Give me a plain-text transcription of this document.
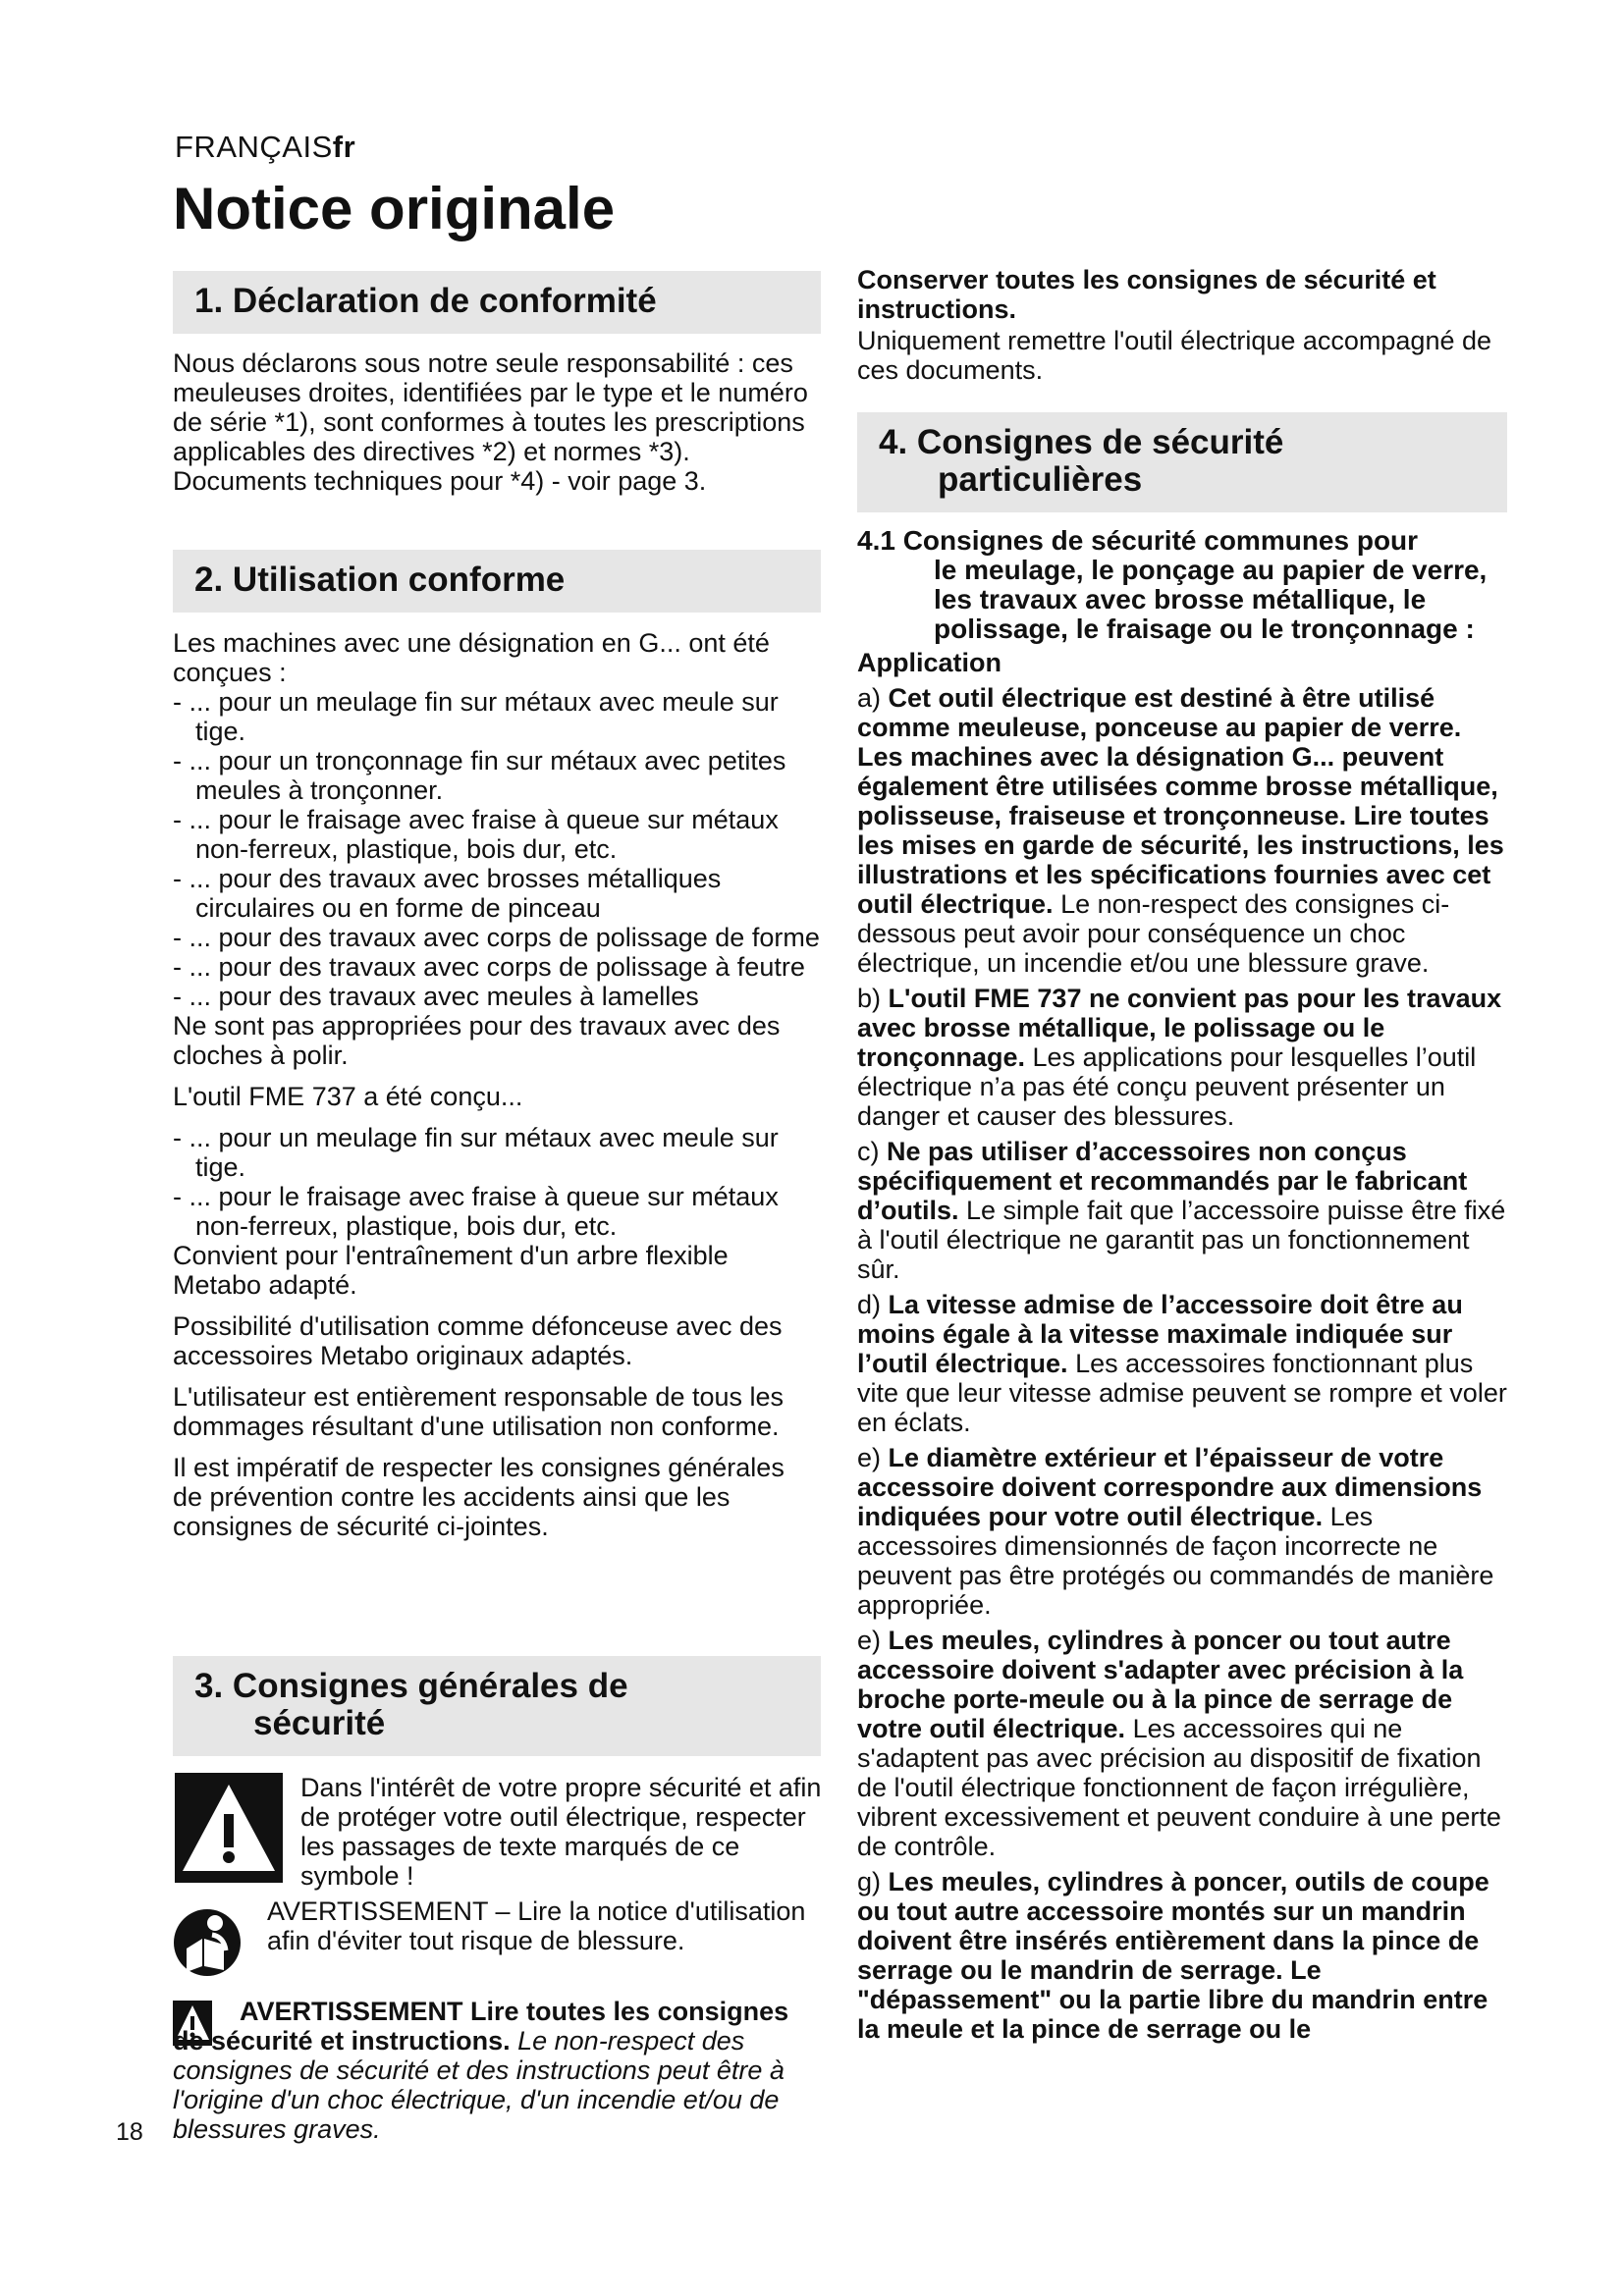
FRANÇAISfr
Notice originale
1. Déclaration de conformité

Nous déclarons sous notre seule responsabilité : ces meuleuses droites, identifiées par le type et le numéro de série *1), sont conformes à toutes les prescriptions applicables des directives *2) et normes *3). Documents techniques pour *4) - voir page 3.

2. Utilisation conforme

Les machines avec une désignation en G... ont été conçues :

- ... pour un meulage fin sur métaux avec meule sur tige.

- ... pour un tronçonnage fin sur métaux avec petites meules à tronçonner.

- ... pour le fraisage avec fraise à queue sur métaux non-ferreux, plastique, bois dur, etc.

- ... pour des travaux avec brosses métalliques circulaires ou en forme de pinceau

- ... pour des travaux avec corps de polissage de forme

- ... pour des travaux avec corps de polissage à feutre

- ... pour des travaux avec meules à lamelles

Ne sont pas appropriées pour des travaux avec des cloches à polir.

L'outil FME 737 a été conçu...

- ... pour un meulage fin sur métaux avec meule sur tige.

- ... pour le fraisage avec fraise à queue sur métaux non-ferreux, plastique, bois dur, etc.

Convient pour l'entraînement d'un arbre flexible Metabo adapté.

Possibilité d'utilisation comme défonceuse avec des accessoires Metabo originaux adaptés.

L'utilisateur est entièrement responsable de tous les dommages résultant d'une utilisation non conforme.

Il est impératif de respecter les consignes générales de prévention contre les accidents ainsi que les consignes de sécurité ci-jointes.

3. Consignes générales de
sécurité

Dans l'intérêt de votre propre sécurité et afin de protéger votre outil électrique, respecter les passages de texte marqués de ce symbole !

AVERTISSEMENT – Lire la notice d'utilisation afin d'éviter tout risque de blessure.

AVERTISSEMENT Lire toutes les consignes de sécurité et instructions. Le non-respect des consignes de sécurité et des instructions peut être à l'origine d'un choc électrique, d'un incendie et/ou de blessures graves.

18

Conserver toutes les consignes de sécurité et instructions.

Uniquement remettre l'outil électrique accompagné de ces documents.

4. Consignes de sécurité
particulières
4.1 Consignes de sécurité communes pour
le meulage, le ponçage au papier de verre, les travaux avec brosse métallique, le polissage, le fraisage ou le tronçonnage :

Application

a) Cet outil électrique est destiné à être utilisé comme meuleuse, ponceuse au papier de verre. Les machines avec la désignation G... peuvent également être utilisées comme brosse métallique, polisseuse, fraiseuse et tronçonneuse. Lire toutes les mises en garde de sécurité, les instructions, les illustrations et les spécifications fournies avec cet outil électrique. Le non-respect des consignes ci-dessous peut avoir pour conséquence un choc électrique, un incendie et/ou une blessure grave.

b) L'outil FME 737 ne convient pas pour les travaux avec brosse métallique, le polissage ou le tronçonnage. Les applications pour lesquelles l’outil électrique n’a pas été conçu peuvent présenter un danger et causer des blessures.

c) Ne pas utiliser d’accessoires non conçus spécifiquement et recommandés par le fabricant d’outils. Le simple fait que l’accessoire puisse être fixé à l'outil électrique ne garantit pas un fonctionnement sûr.

d) La vitesse admise de l’accessoire doit être au moins égale à la vitesse maximale indiquée sur l’outil électrique. Les accessoires fonctionnant plus vite que leur vitesse admise peuvent se rompre et voler en éclats.

e) Le diamètre extérieur et l’épaisseur de votre accessoire doivent correspondre aux dimensions indiquées pour votre outil électrique. Les accessoires dimensionnés de façon incorrecte ne peuvent pas être protégés ou commandés de manière appropriée.

e) Les meules, cylindres à poncer ou tout autre accessoire doivent s'adapter avec précision à la broche porte-meule ou à la pince de serrage de votre outil électrique. Les accessoires qui ne s'adaptent pas avec précision au dispositif de fixation de l'outil électrique fonctionnent de façon irrégulière, vibrent excessivement et peuvent conduire à une perte de contrôle.

g) Les meules, cylindres à poncer, outils de coupe ou tout autre accessoire montés sur un mandrin doivent être insérés entièrement dans la pince de serrage ou le mandrin de serrage. Le "dépassement" ou la partie libre du mandrin entre la meule et la pince de serrage ou le
